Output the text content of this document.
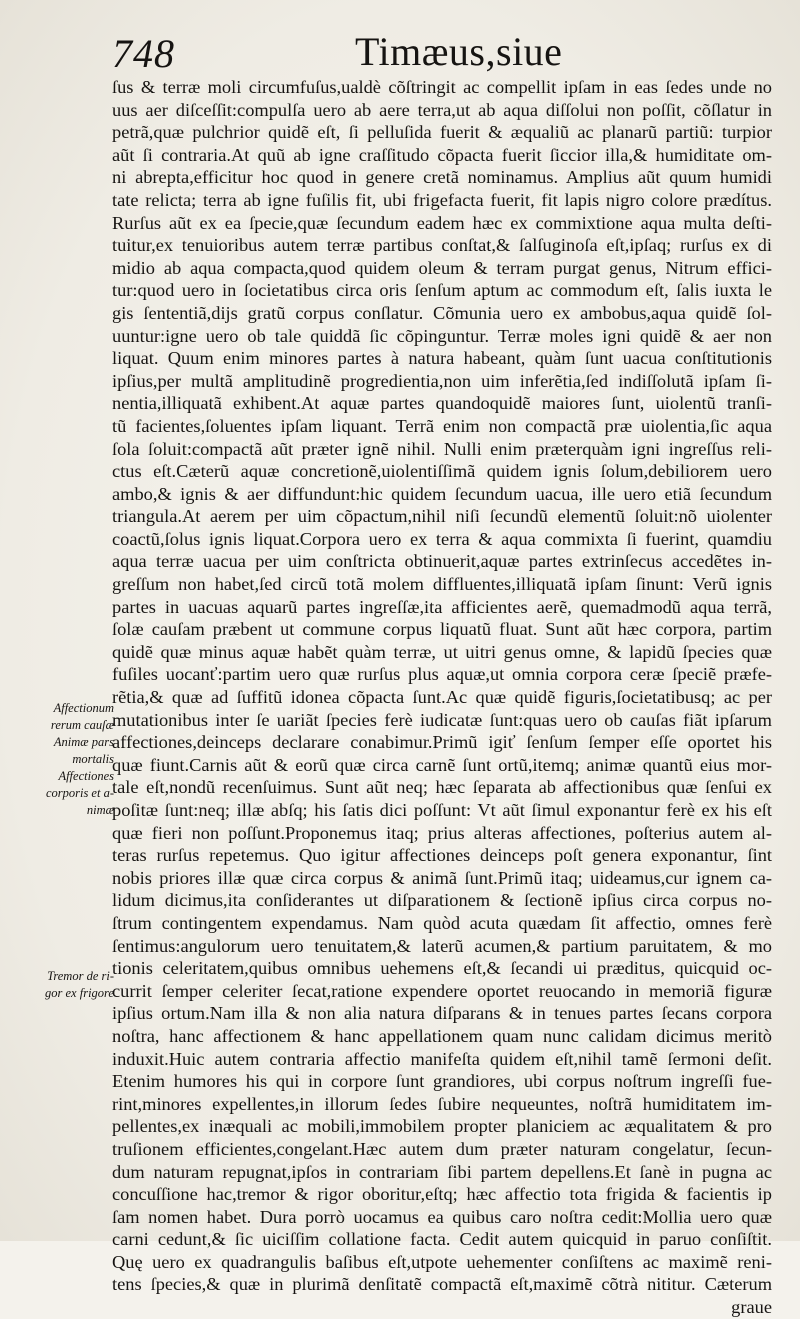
748	Timæus,siue
ſus & terræ moli circumfuſus,ualdè cõſtringit ac compellit ipſam in eas ſedes unde no
uus aer diſceſſit:compulſa uero ab aere terra,ut ab aqua diſſolui non poſſit, cõſlatur in
petrã,quæ pulchrior quidẽ eſt, ſi pelluſida fuerit & æqualiũ ac planarũ partiũ: turpior
aũt ſi contraria.At quũ ab igne craſſitudo cõpacta fuerit ſiccior illa,& humiditate om-
ni abrepta,efficitur hoc quod in genere cretã nominamus. Amplius aũt quum humidi
tate relicta; terra ab igne fuſilis fit, ubi frigefacta fuerit, fit lapis nigro colore prædítus.
Rurſus aũt ex ea ſpecie,quæ ſecundum eadem hæc ex commixtione aqua multa deſti-
tuitur,ex tenuioribus autem terræ partibus conſtat,& ſalſuginoſa eſt,ipſaq; rurſus ex di
midio ab aqua compacta,quod quidem oleum & terram purgat genus, Nitrum effici-
tur:quod uero in ſocietatibus circa oris ſenſum aptum ac commodum eſt, ſalis iuxta le
gis ſententiã,dijs gratũ corpus conſlatur. Cõmunia uero ex ambobus,aqua quidẽ ſol-
uuntur:igne uero ob tale quiddã ſic cõpinguntur. Terræ moles igni quidẽ & aer non
liquat. Quum enim minores partes à natura habeant, quàm ſunt uacua conſtitutionis
ipſius,per multã amplitudinẽ progredientia,non uim inferẽtia,ſed indiſſolutã ipſam ſi-
nentia,illiquatã exhibent.At aquæ partes quandoquidẽ maiores ſunt, uiolentũ tranſi-
tũ facientes,ſoluentes ipſam liquant. Terrã enim non compactã præ uiolentia,ſic aqua
ſola ſoluit:compactã aũt præter ignẽ nihil. Nulli enim præterquàm igni ingreſſus reli-
ctus eſt.Cæterũ aquæ concretionẽ,uiolentiſſimã quidem ignis ſolum,debiliorem uero
ambo,& ignis & aer diffundunt:hic quidem ſecundum uacua, ille uero etiã ſecundum
triangula.At aerem per uim cõpactum,nihil niſi ſecundũ elementũ ſoluit:nõ uiolenter
coactũ,ſolus ignis liquat.Corpora uero ex terra & aqua commixta ſi fuerint, quamdiu
aqua terræ uacua per uim conſtricta obtinuerit,aquæ partes extrinſecus accedẽtes in-
greſſum non habet,ſed circũ totã molem diffluentes,illiquatã ipſam ſinunt: Verũ ignis
partes in uacuas aquarũ partes ingreſſæ,ita afficientes aerẽ, quemadmodũ aqua terrã,
ſolæ cauſam præbent ut commune corpus liquatũ fluat. Sunt aũt hæc corpora, partim
quidẽ quæ minus aquæ habẽt quàm terræ, ut uitri genus omne, & lapidũ ſpecies quæ
fuſiles uocanť:partim uero quæ rurſus plus aquæ,ut omnia corpora ceræ ſpeciẽ præfe-
rẽtia,& quæ ad ſuffitũ idonea cõpacta ſunt.Ac quæ quidẽ figuris,ſocietatibusq; ac per
mutationibus inter ſe uariãt ſpecies ferè iudicatæ ſunt:quas uero ob cauſas fiãt ipſarum
affectiones,deinceps declarare conabimur.Primũ igiť ſenſum ſemper eſſe oportet his
quæ fiunt.Carnis aũt & eorũ quæ circa carnẽ ſunt ortũ,itemq; animæ quantũ eius mor-
tale eſt,nondũ recenſuimus. Sunt aũt neq; hæc ſeparata ab affectionibus quæ ſenſui ex
poſitæ ſunt:neq; illæ abſq; his ſatis dici poſſunt: Vt aũt ſimul exponantur ferè ex his eſt
quæ fieri non poſſunt.Proponemus itaq; prius alteras affectiones, poſterius autem al-
teras rurſus repetemus. Quo igitur affectiones deinceps poſt genera exponantur, ſint
nobis priores illæ quæ circa corpus & animã ſunt.Primũ itaq; uideamus,cur ignem ca-
lidum dicimus,ita conſiderantes ut diſparationem & ſectionẽ ipſius circa corpus no-
ſtrum contingentem expendamus. Nam quòd acuta quædam ſit affectio, omnes ferè
ſentimus:angulorum uero tenuitatem,& laterũ acumen,& partium paruitatem, & mo
tionis celeritatem,quibus omnibus uehemens eſt,& ſecandi ui præditus, quicquid oc-
currit ſemper celeriter ſecat,ratione expendere oportet reuocando in memoriã figuræ
ipſius ortum.Nam illa & non alia natura diſparans & in tenues partes ſecans corpora
noſtra, hanc affectionem & hanc appellationem quam nunc calidam dicimus meritò
induxit.Huic autem contraria affectio manifeſta quidem eſt,nihil tamẽ ſermoni deſit.
Etenim humores his qui in corpore ſunt grandiores, ubi corpus noſtrum ingreſſi fue-
rint,minores expellentes,in illorum ſedes ſubire nequeuntes, noſtrã humiditatem im-
pellentes,ex inæquali ac mobili,immobilem propter planiciem ac æqualitatem & pro
truſionem efficientes,congelant.Hæc autem dum præter naturam congelatur, ſecun-
dum naturam repugnat,ipſos in contrariam ſibi partem depellens.Et ſanè in pugna ac
concuſſione hac,tremor & rigor oboritur,eſtq; hæc affectio tota frigida & facientis ip
ſam nomen habet. Dura porrò uocamus ea quibus caro noſtra cedit:Mollia uero quæ
carni cedunt,& ſic uiciſſim collatione facta. Cedit autem quicquid in paruo conſiſtit.
Quę uero ex quadrangulis baſibus eſt,utpote uehementer conſiſtens ac maximẽ reni-
tens ſpecies,& quæ in plurimã denſitatẽ compactã eſt,maximẽ cõtrà nititur. Cæterum
graue
Affectionum
rerum cauſæ
Animæ pars
mortalis
Affectiones
corporis et a-
nimæ
Tremor de ri-
gor ex frigore
